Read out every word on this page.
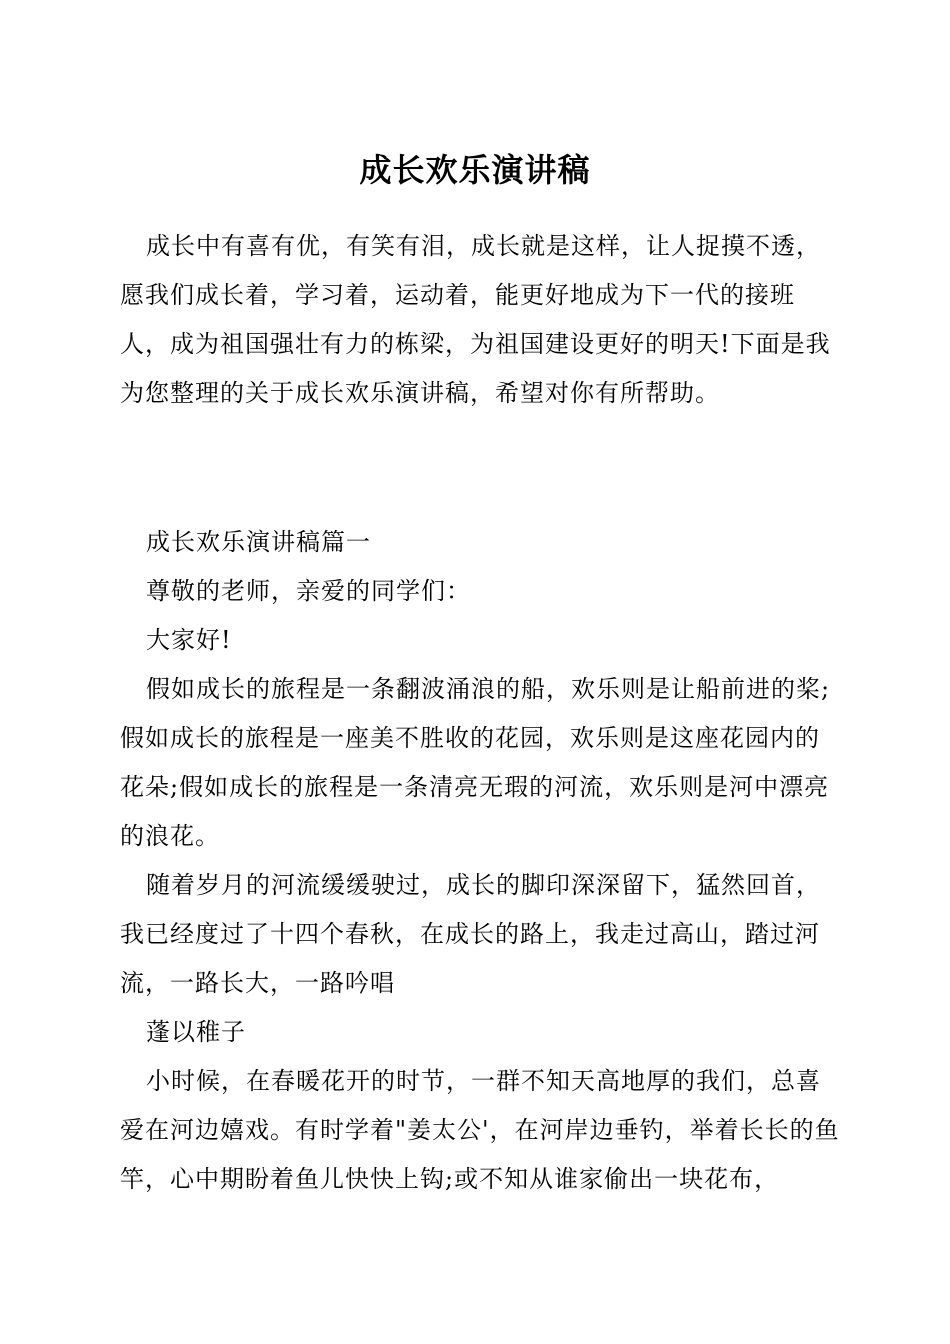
成长欢乐演讲稿

成长中有喜有优，有笑有泪，成长就是这样，让人捉摸不透，愿我们成长着，学习着，运动着，能更好地成为下一代的接班人，成为祖国强壮有力的栋梁，为祖国建设更好的明天!下面是我为您整理的关于成长欢乐演讲稿，希望对你有所帮助。

成长欢乐演讲稿篇一

尊敬的老师，亲爱的同学们：

大家好!

假如成长的旅程是一条翻波涌浪的船，欢乐则是让船前进的桨;假如成长的旅程是一座美不胜收的花园，欢乐则是这座花园内的花朵;假如成长的旅程是一条清亮无瑕的河流，欢乐则是河中漂亮的浪花。

随着岁月的河流缓缓驶过，成长的脚印深深留下，猛然回首，我已经度过了十四个春秋，在成长的路上，我走过高山，踏过河流，一路长大，一路吟唱

蓬以稚子

小时候，在春暖花开的时节，一群不知天高地厚的我们，总喜爱在河边嬉戏。有时学着"姜太公'，在河岸边垂钓，举着长长的鱼竿，心中期盼着鱼儿快快上钩;或不知从谁家偷出一块花布，
